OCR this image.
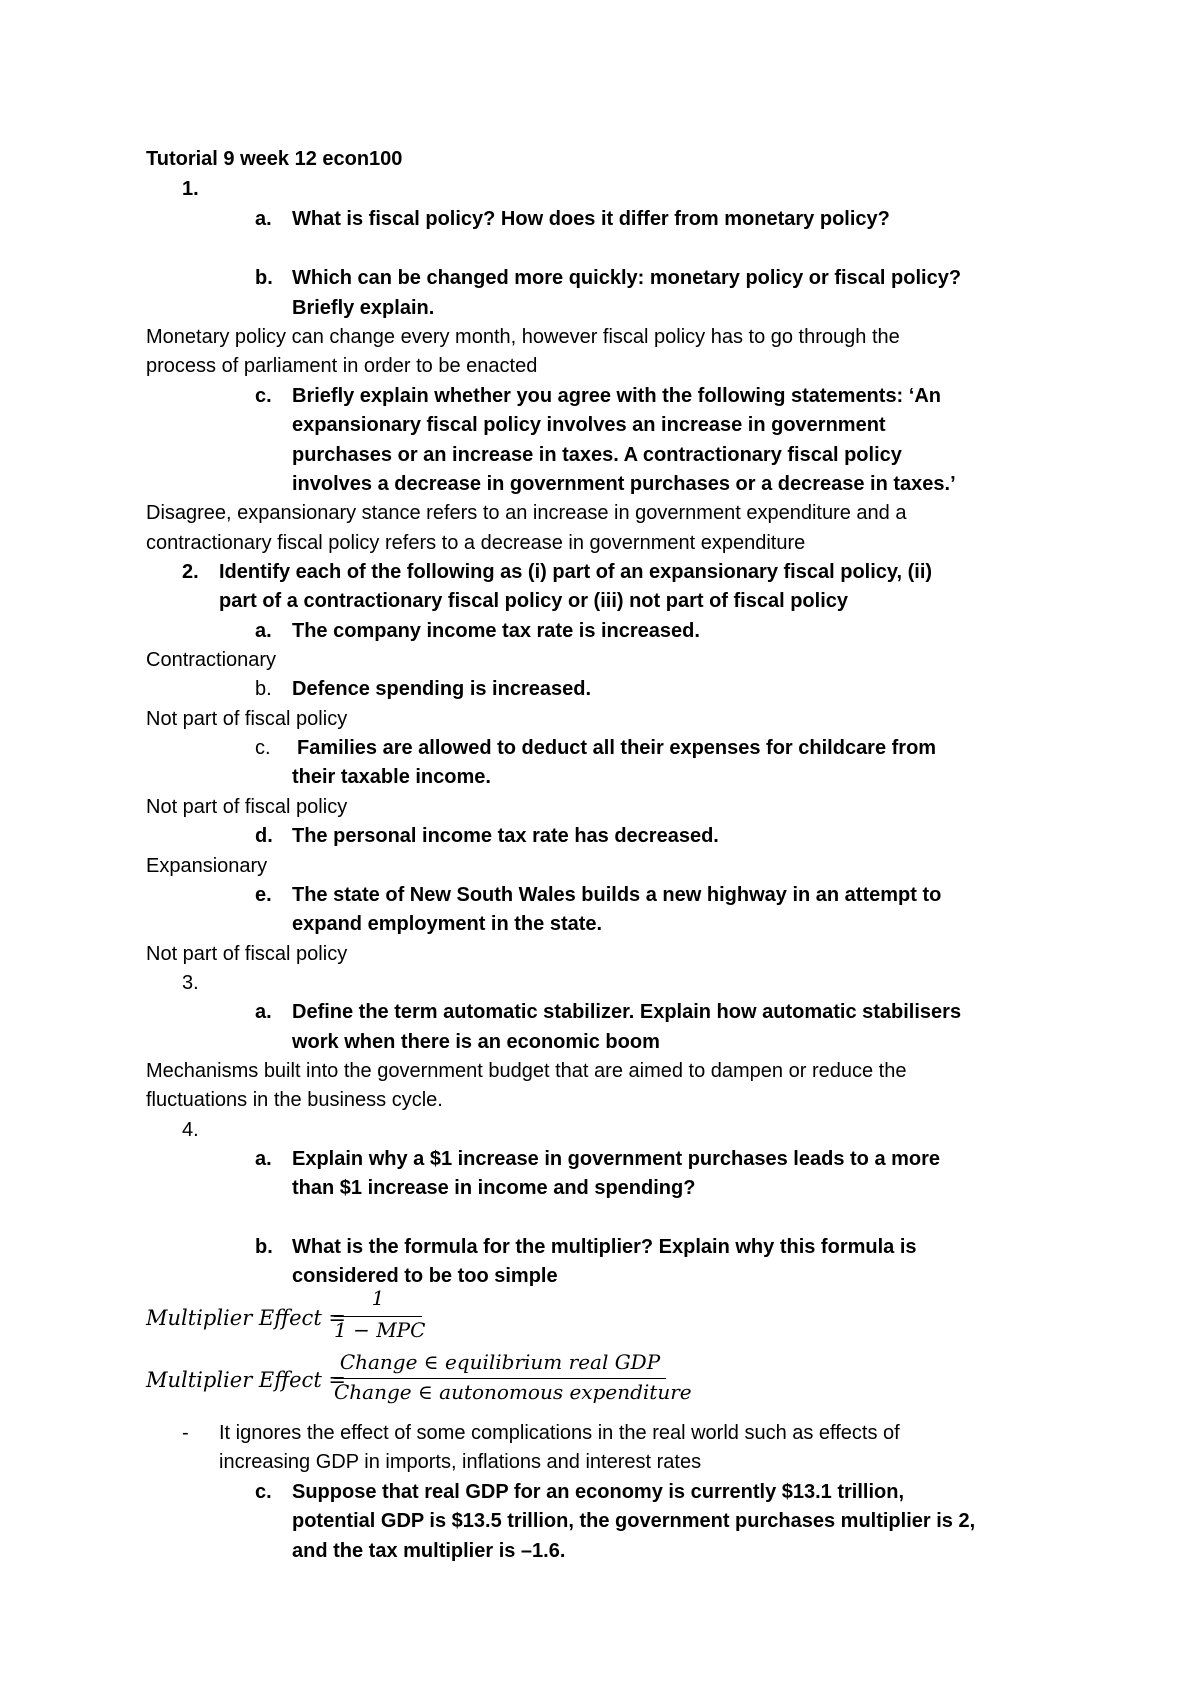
Tutorial 9 week 12 econ100
1.
a. What is fiscal policy? How does it differ from monetary policy?
b. Which can be changed more quickly: monetary policy or fiscal policy?
Briefly explain.
Monetary policy can change every month, however fiscal policy has to go through the
process of parliament in order to be enacted
c. Briefly explain whether you agree with the following statements: ‘An
expansionary fiscal policy involves an increase in government
purchases or an increase in taxes. A contractionary fiscal policy
involves a decrease in government purchases or a decrease in taxes.’
Disagree, expansionary stance refers to an increase in government expenditure and a
contractionary fiscal policy refers to a decrease in government expenditure
2. Identify each of the following as (i) part of an expansionary fiscal policy, (ii)
part of a contractionary fiscal policy or (iii) not part of fiscal policy
a. The company income tax rate is increased.
Contractionary
b. Defence spending is increased.
Not part of fiscal policy
c. Families are allowed to deduct all their expenses for childcare from
their taxable income.
Not part of fiscal policy
d. The personal income tax rate has decreased.
Expansionary
e. The state of New South Wales builds a new highway in an attempt to
expand employment in the state.
Not part of fiscal policy
3.
a. Define the term automatic stabilizer. Explain how automatic stabilisers
work when there is an economic boom
Mechanisms built into the government budget that are aimed to dampen or reduce the
fluctuations in the business cycle.
4.
a. Explain why a $1 increase in government purchases leads to a more
than $1 increase in income and spending?
b. What is the formula for the multiplier? Explain why this formula is
considered to be too simple
Multiplier Effect =
1
1 − MPC
Multiplier Effect =
Change ∈ equilibrium real GDP
Change ∈ autonomous expenditure
- It ignores the effect of some complications in the real world such as effects of
increasing GDP in imports, inflations and interest rates
c. Suppose that real GDP for an economy is currently $13.1 trillion,
potential GDP is $13.5 trillion, the government purchases multiplier is 2,
and the tax multiplier is –1.6.
